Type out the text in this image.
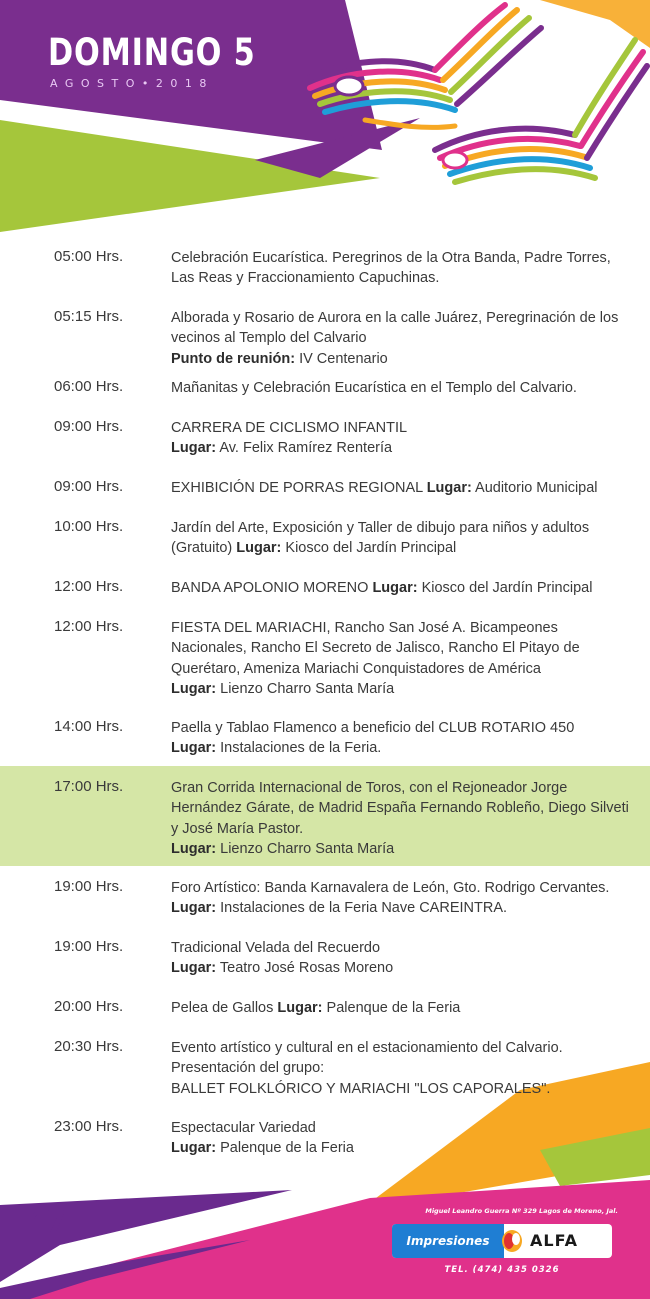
DOMINGO 5
AGOSTO•2018
05:00 Hrs.	Celebración Eucarística. Peregrinos de la Otra Banda, Padre Torres, Las Reas y Fraccionamiento Capuchinas.
05:15 Hrs.	Alborada y Rosario de Aurora en la calle Juárez, Peregrinación de los vecinos al Templo del Calvario
Punto de reunión: IV Centenario
06:00 Hrs.	Mañanitas y Celebración Eucarística en el Templo del Calvario.
09:00 Hrs.	CARRERA DE CICLISMO INFANTIL
Lugar: Av. Felix Ramírez Rentería
09:00 Hrs.	EXHIBICIÓN DE PORRAS REGIONAL Lugar: Auditorio Municipal
10:00 Hrs.	Jardín del Arte, Exposición y Taller de dibujo para niños y adultos (Gratuito) Lugar: Kiosco del Jardín Principal
12:00 Hrs.	BANDA APOLONIO MORENO Lugar: Kiosco del Jardín Principal
12:00 Hrs.	FIESTA DEL MARIACHI, Rancho San José A. Bicampeones Nacionales, Rancho El Secreto de Jalisco, Rancho El Pitayo de Querétaro, Ameniza Mariachi Conquistadores de América
Lugar: Lienzo Charro Santa María
14:00 Hrs.	Paella y Tablao Flamenco a beneficio del CLUB ROTARIO 450
Lugar: Instalaciones de la Feria.
17:00 Hrs.	Gran Corrida Internacional de Toros, con el Rejoneador Jorge Hernández Gárate, de Madrid España Fernando Robleño, Diego Silveti y José María Pastor.
Lugar: Lienzo Charro Santa María
19:00 Hrs.	Foro Artístico: Banda Karnavalera de León, Gto. Rodrigo Cervantes. Lugar: Instalaciones de la Feria Nave CAREINTRA.
19:00 Hrs.	Tradicional Velada del Recuerdo
Lugar: Teatro José Rosas Moreno
20:00 Hrs.	Pelea de Gallos Lugar: Palenque de la Feria
20:30 Hrs.	Evento artístico y cultural en el estacionamiento del Calvario. Presentación del grupo:
BALLET FOLKLÓRICO Y MARIACHI "LOS CAPORALES".
23:00 Hrs.	Espectacular Variedad
Lugar: Palenque de la Feria
47	Miguel Leandro Guerra Nº 329 Lagos de Moreno, Jal.
Impresiones	ALFA
TEL. (474) 435 0326
